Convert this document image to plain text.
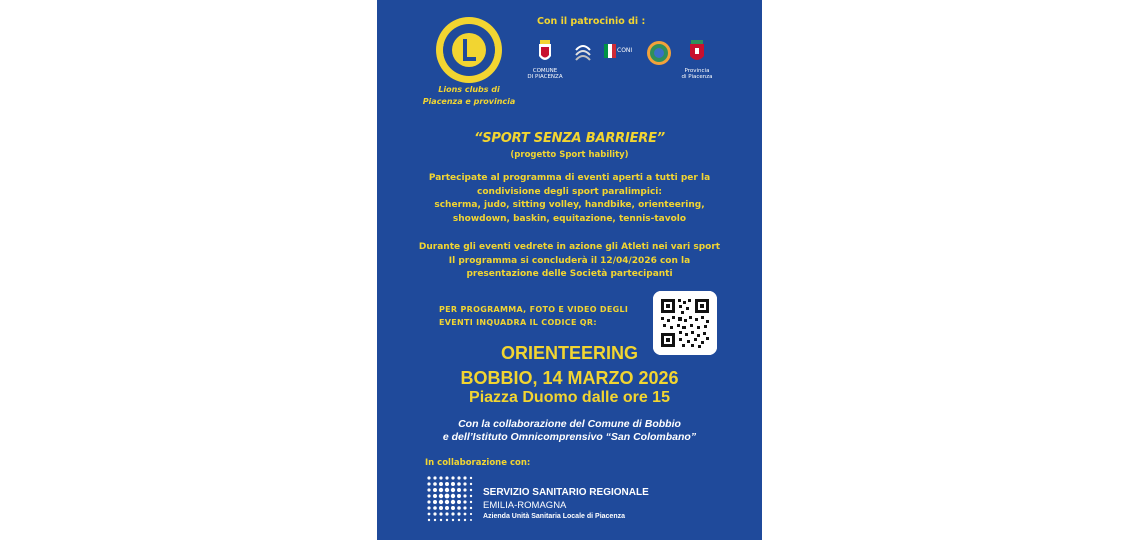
Lions clubs di
Piacenza e provincia
Con il patrocinio di :
COMUNE
DI PIACENZA
CONI
Provincia
di Piacenza
“SPORT SENZA BARRIERE”
(progetto Sport hability)
Partecipate al programma di eventi aperti a tutti per la
condivisione degli sport paralimpici:
scherma, judo, sitting volley, handbike, orienteering,
showdown, baskin, equitazione, tennis-tavolo
Durante gli eventi vedrete in azione gli Atleti nei vari sport
Il programma si concluderà il 12/04/2026 con la
presentazione delle Società partecipanti
PER PROGRAMMA, FOTO E VIDEO DEGLI
EVENTI INQUADRA IL CODICE QR:
ORIENTEERING
BOBBIO, 14 MARZO 2026
Piazza Duomo dalle ore 15
Con la collaborazione del Comune di Bobbio
e dell’Istituto Omnicomprensivo “San Colombano”
In collaborazione con:
SERVIZIO SANITARIO REGIONALE
EMILIA-ROMAGNA
Azienda Unità Sanitaria Locale di Piacenza
